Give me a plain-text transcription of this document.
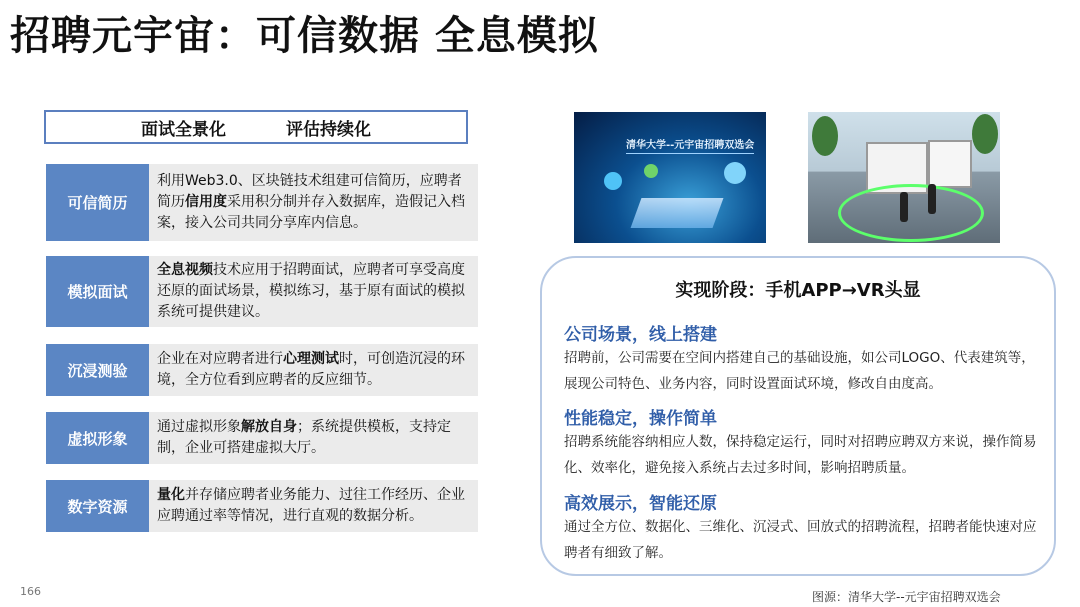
招聘元宇宙：可信数据 全息模拟
面试全景化	评估持续化
可信简历
利用Web3.0、区块链技术组建可信简历，应聘者简历信用度采用积分制并存入数据库，造假记入档案，接入公司共同分享库内信息。
模拟面试
全息视频技术应用于招聘面试，应聘者可享受高度还原的面试场景，模拟练习，基于原有面试的模拟系统可提供建议。
沉浸测验
企业在对应聘者进行心理测试时，可创造沉浸的环境，全方位看到应聘者的反应细节。
虚拟形象
通过虚拟形象解放自身；系统提供模板，支持定制，企业可搭建虚拟大厅。
数字资源
量化并存储应聘者业务能力、过往工作经历、企业应聘通过率等情况，进行直观的数据分析。
清华大学--元宇宙招聘双选会
实现阶段：手机APP→VR头显
公司场景，线上搭建
招聘前，公司需要在空间内搭建自己的基础设施，如公司LOGO、代表建筑等，展现公司特色、业务内容，同时设置面试环境，修改自由度高。
性能稳定，操作简单
招聘系统能容纳相应人数，保持稳定运行，同时对招聘应聘双方来说，操作简易化、效率化，避免接入系统占去过多时间，影响招聘质量。
高效展示，智能还原
通过全方位、数据化、三维化、沉浸式、回放式的招聘流程，招聘者能快速对应聘者有细致了解。
166	图源：清华大学--元宇宙招聘双选会
